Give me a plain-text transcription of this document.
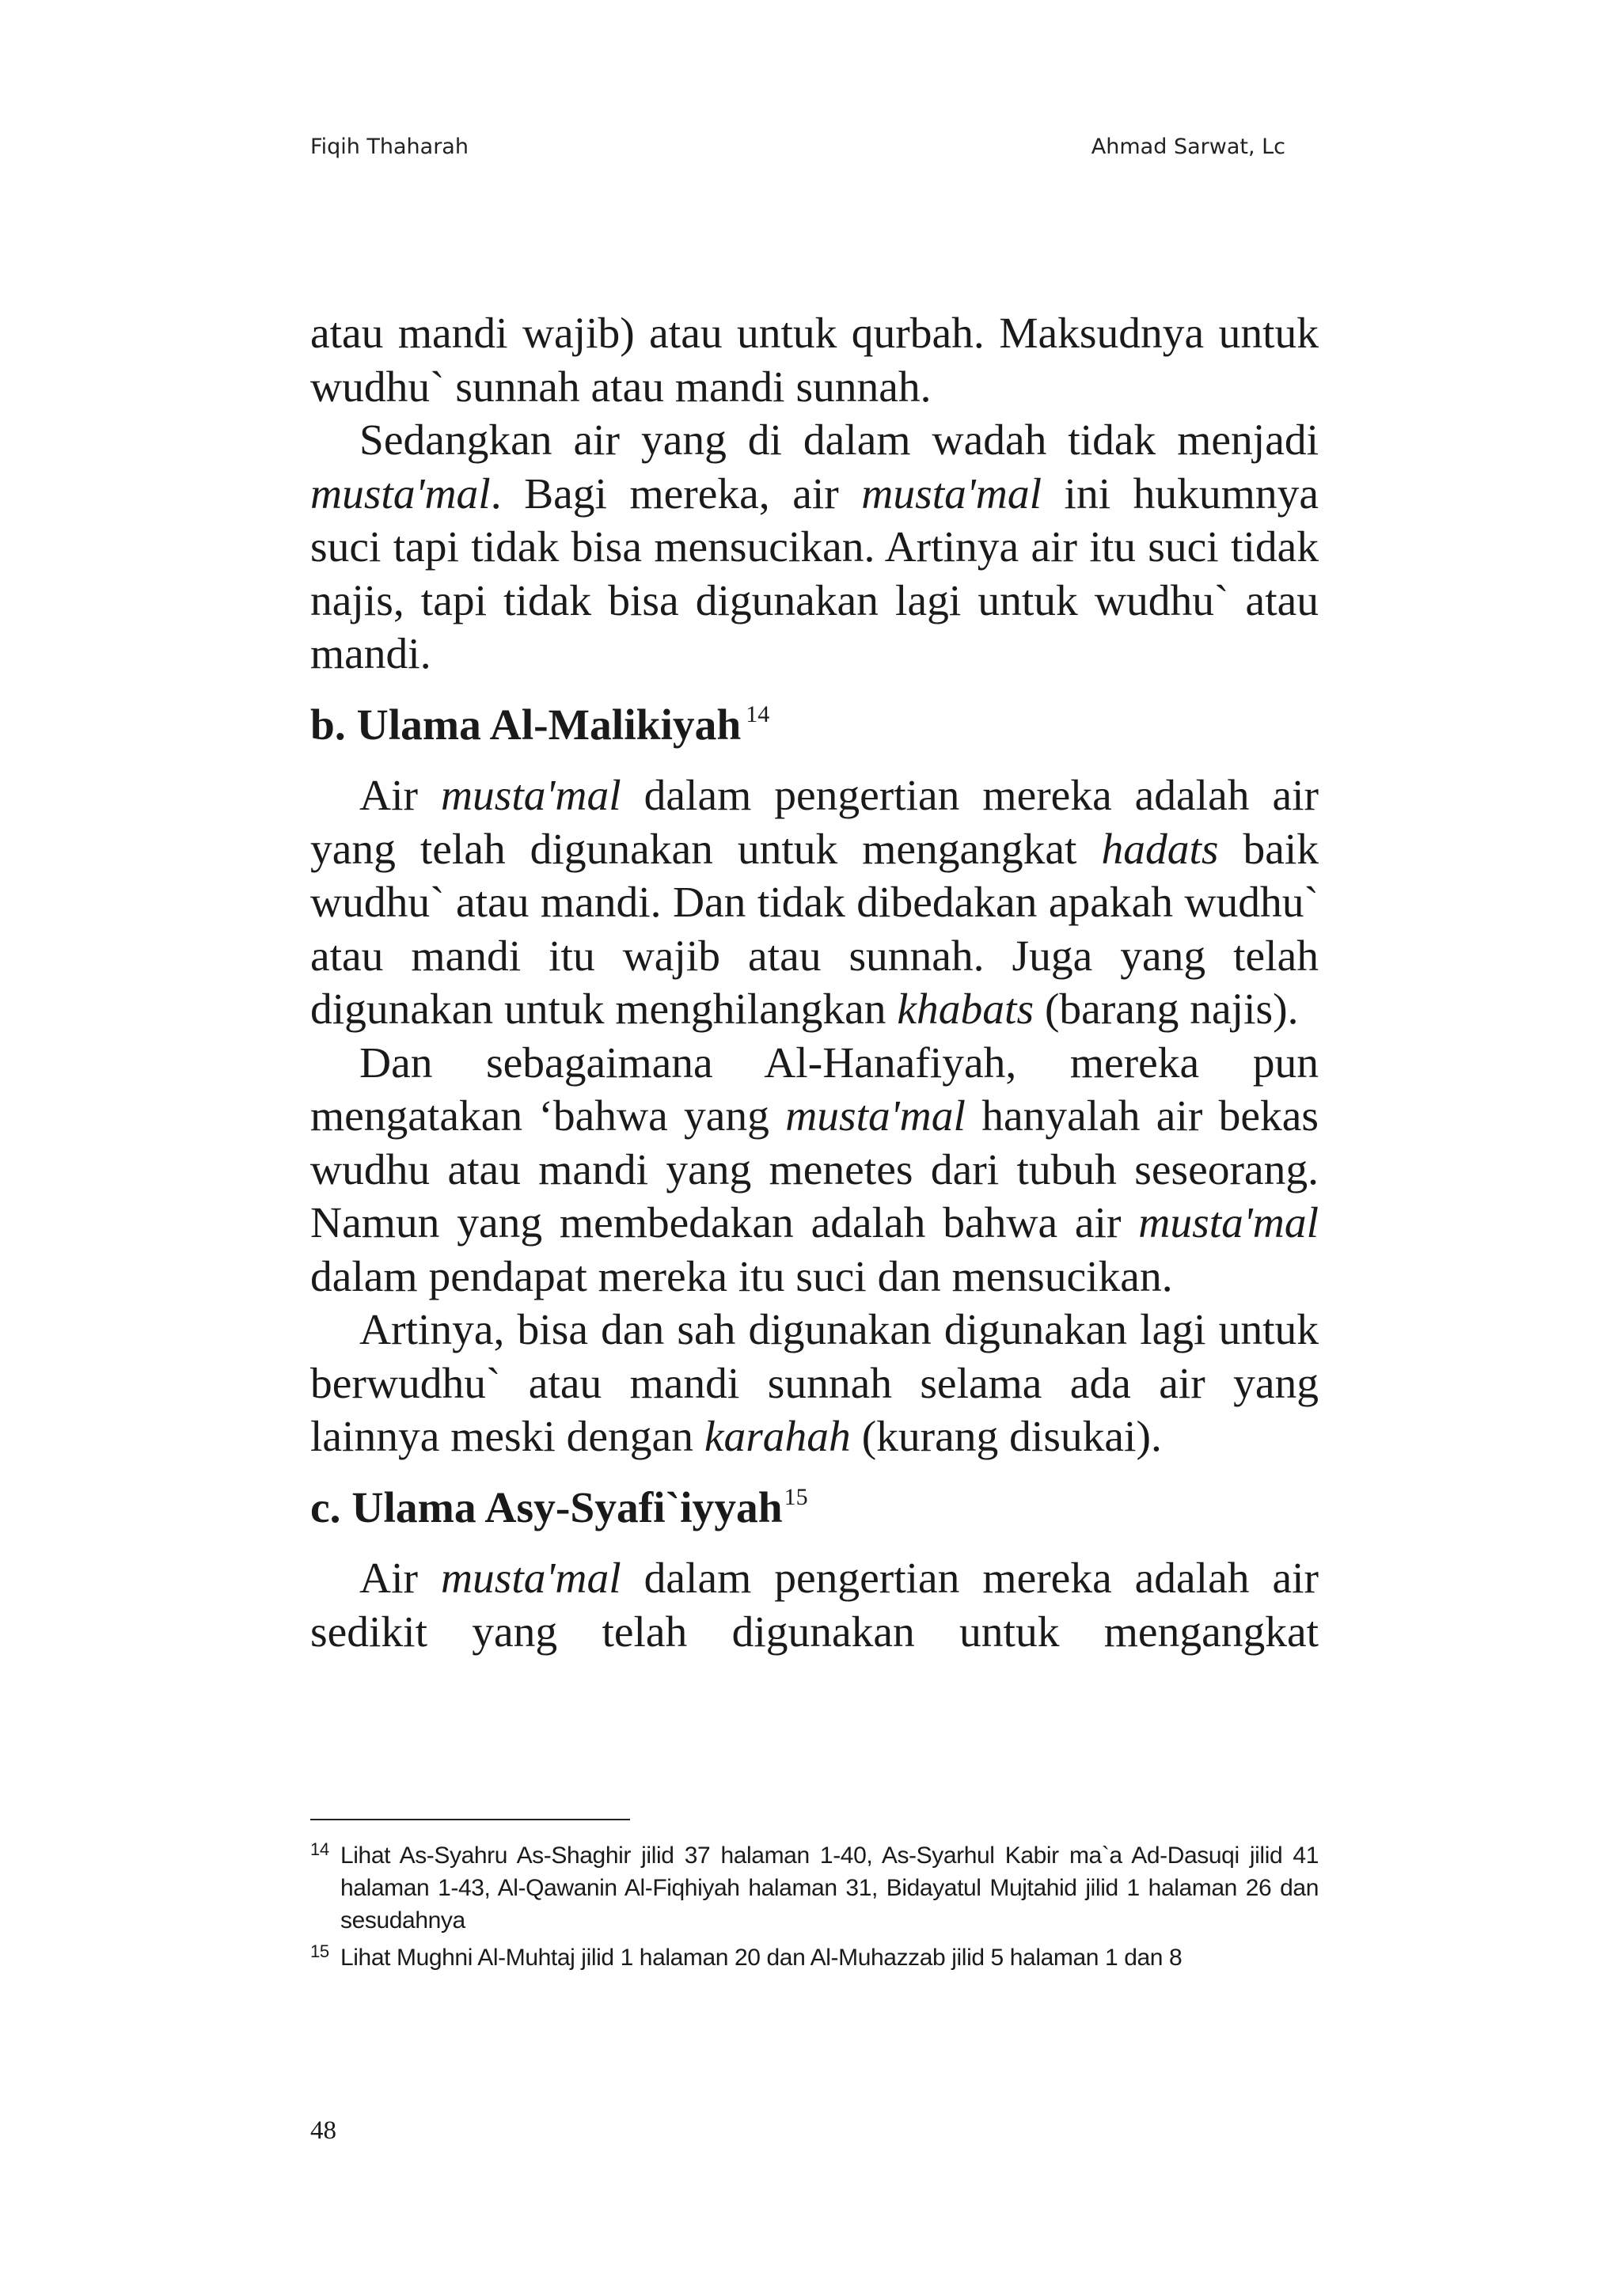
Fiqih Thaharah	Ahmad Sarwat, Lc

atau mandi wajib) atau untuk qurbah. Maksudnya untuk wudhu` sunnah atau mandi sunnah.

Sedangkan air yang di dalam wadah tidak menjadi musta'mal. Bagi mereka, air musta'mal ini hukumnya suci tapi tidak bisa mensucikan. Artinya air itu suci tidak najis, tapi tidak bisa digunakan lagi untuk wudhu` atau mandi.

b. Ulama Al-Malikiyah $^{14}$

Air musta'mal dalam pengertian mereka adalah air yang telah digunakan untuk mengangkat hadats baik wudhu` atau mandi. Dan tidak dibedakan apakah wudhu` atau mandi itu wajib atau sunnah. Juga yang telah digunakan untuk menghilangkan khabats (barang najis).

Dan sebagaimana Al-Hanafiyah, mereka pun mengatakan ‘bahwa yang musta'mal hanyalah air bekas wudhu atau mandi yang menetes dari tubuh seseorang. Namun yang membedakan adalah bahwa air musta'mal dalam pendapat mereka itu suci dan mensucikan.

Artinya, bisa dan sah digunakan digunakan lagi untuk berwudhu` atau mandi sunnah selama ada air yang lainnya meski dengan karahah (kurang disukai).

c. Ulama Asy-Syafi`iyyah$^{15}$

Air musta'mal dalam pengertian mereka adalah air sedikit yang telah digunakan untuk mengangkat

14 Lihat As-Syahru As-Shaghir jilid 37 halaman 1-40, As-Syarhul Kabir ma`a Ad-Dasuqi jilid 41 halaman 1-43, Al-Qawanin Al-Fiqhiyah halaman 31, Bidayatul Mujtahid jilid 1 halaman 26 dan sesudahnya
15 Lihat Mughni Al-Muhtaj jilid 1 halaman 20 dan Al-Muhazzab jilid 5 halaman 1 dan 8
48
